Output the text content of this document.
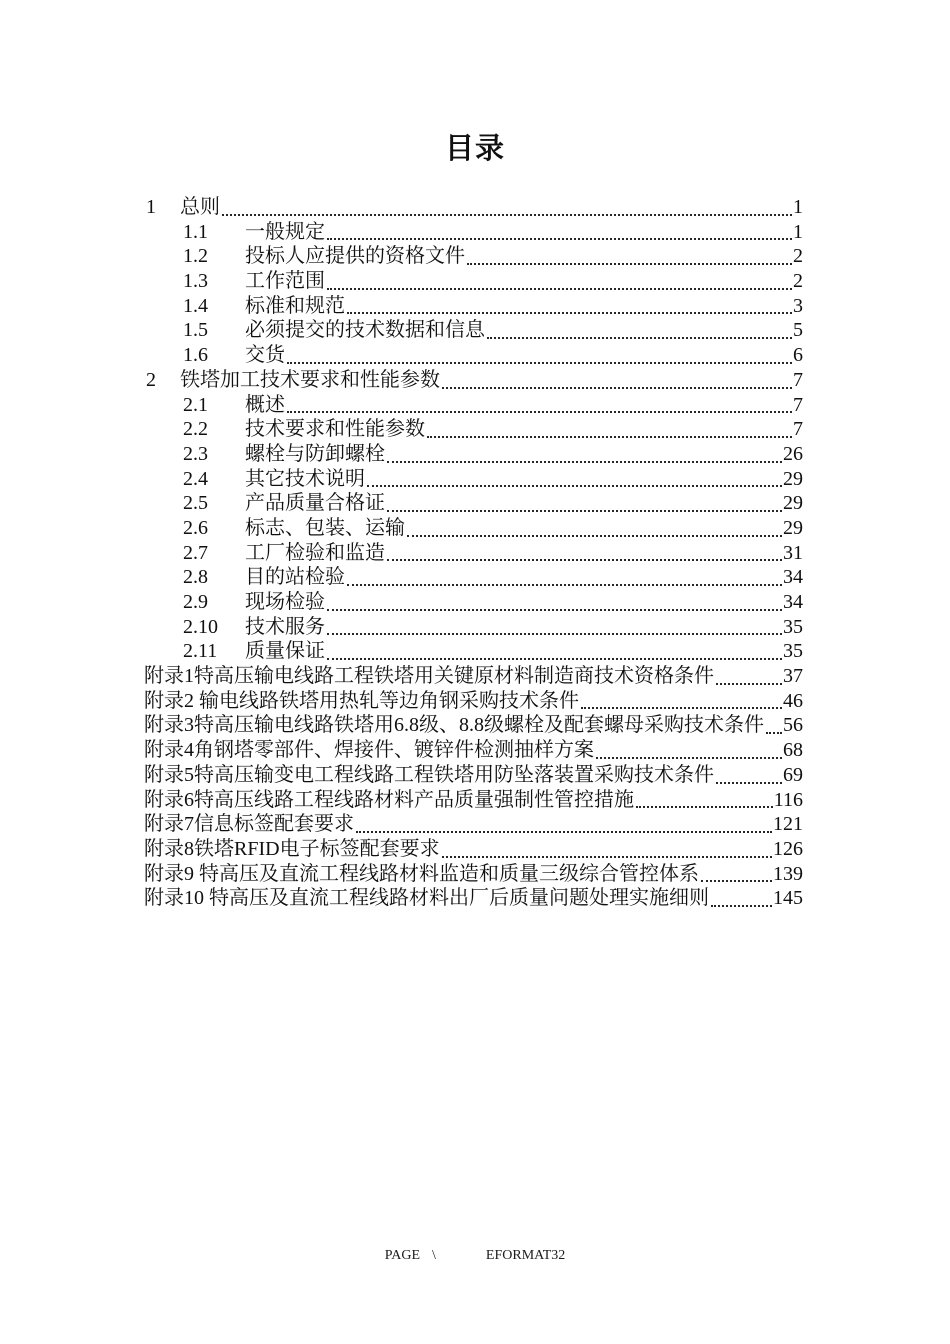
目录
1	总则	1
1.1	一般规定	1
1.2	投标人应提供的资格文件	2
1.3	工作范围	2
1.4	标准和规范	3
1.5	必须提交的技术数据和信息	5
1.6	交货	6
2	铁塔加工技术要求和性能参数	7
2.1	概述	7
2.2	技术要求和性能参数	7
2.3	螺栓与防卸螺栓	26
2.4	其它技术说明	29
2.5	产品质量合格证	29
2.6	标志、包装、运输	29
2.7	工厂检验和监造	31
2.8	目的站检验	34
2.9	现场检验	34
2.10	技术服务	35
2.11	质量保证	35
附录1特高压输电线路工程铁塔用关键原材料制造商技术资格条件	37
附录2 输电线路铁塔用热轧等边角钢采购技术条件	46
附录3特高压输电线路铁塔用6.8级、8.8级螺栓及配套螺母采购技术条件 56
附录4角钢塔零部件、焊接件、镀锌件检测抽样方案	68
附录5特高压输变电工程线路工程铁塔用防坠落装置采购技术条件	69
附录6特高压线路工程线路材料产品质量强制性管控措施	116
附录7信息标签配套要求	121
附录8铁塔RFID电子标签配套要求	126
附录9 特高压及直流工程线路材料监造和质量三级综合管控体系	139
附录10 特高压及直流工程线路材料出厂后质量问题处理实施细则	145
PAGE \	EFORMAT32
